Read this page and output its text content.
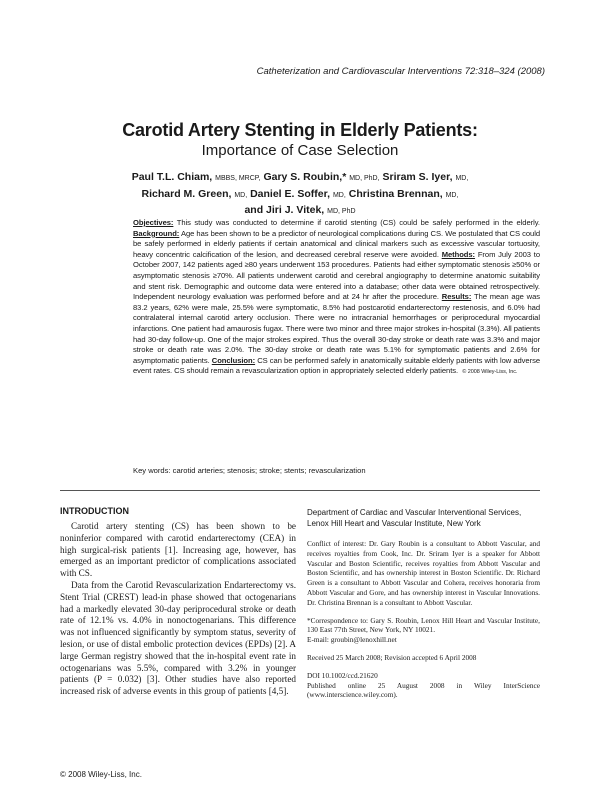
Catheterization and Cardiovascular Interventions 72:318–324 (2008)
Carotid Artery Stenting in Elderly Patients:
Importance of Case Selection
Paul T.L. Chiam, MBBS, MRCP, Gary S. Roubin,* MD, PhD, Sriram S. Iyer, MD,
Richard M. Green, MD, Daniel E. Soffer, MD, Christina Brennan, MD,
and Jiri J. Vitek, MD, PhD
Objectives: This study was conducted to determine if carotid stenting (CS) could be safely performed in the elderly. Background: Age has been shown to be a predictor of neurological complications during CS. We postulated that CS could be safely performed in elderly patients if certain anatomical and clinical markers such as excessive vascular tortuosity, heavy concentric calcification of the lesion, and decreased cerebral reserve were avoided. Methods: From July 2003 to October 2007, 142 patients aged ≥80 years underwent 153 procedures. Patients had either symptomatic stenosis ≥50% or asymptomatic stenosis ≥70%. All patients underwent carotid and cerebral angiography to determine anatomic suitability and stent risk. Demographic and outcome data were entered into a database; other data were obtained retrospectively. Independent neurology evaluation was performed before and at 24 hr after the procedure. Results: The mean age was 83.2 years, 62% were male, 25.5% were symptomatic, 8.5% had postcarotid endarterectomy restenosis, and 6.0% had contralateral internal carotid artery occlusion. There were no intracranial hemorrhages or periprocedural myocardial infarctions. One patient had amaurosis fugax. There were two minor and three major strokes in-hospital (3.3%). All patients had 30-day follow-up. One of the major strokes expired. Thus the overall 30-day stroke or death rate was 3.3% and major stroke or death rate was 2.0%. The 30-day stroke or death rate was 5.1% for symptomatic patients and 2.6% for asymptomatic patients. Conclusion: CS can be performed safely in anatomically suitable elderly patients with low adverse event rates. CS should remain a revascularization option in appropriately selected elderly patients. © 2008 Wiley-Liss, Inc.
Key words: carotid arteries; stenosis; stroke; stents; revascularization
INTRODUCTION

Carotid artery stenting (CS) has been shown to be noninferior compared with carotid endarterectomy (CEA) in high surgical-risk patients [1]. Increasing age, however, has emerged as an important predictor of complications associated with CS.

Data from the Carotid Revascularization Endarterectomy vs. Stent Trial (CREST) lead-in phase showed that octogenarians had a markedly elevated 30-day periprocedural stroke or death rate of 12.1% vs. 4.0% in nonoctogenarians. This difference was not influenced significantly by symptom status, severity of lesion, or use of distal embolic protection devices (EPDs) [2]. A large German registry showed that the in-hospital event rate in octogenarians was 5.5%, compared with 3.2% in younger patients (P = 0.032) [3]. Other studies have also reported increased risk of adverse events in this group of patients [4,5].

Department of Cardiac and Vascular Interventional Services, Lenox Hill Heart and Vascular Institute, New York

Conflict of interest: Dr. Gary Roubin is a consultant to Abbott Vascular, and receives royalties from Cook, Inc. Dr. Sriram Iyer is a speaker for Abbott Vascular and Boston Scientific, receives royalties from Abbott Vascular and Boston Scientific, and has ownership interest in Boston Scientific. Dr. Richard Green is a consultant to Abbott Vascular and Cohera, receives honoraria from Abbott Vascular and Gore, and has ownership interest in Vascular Innovations. Dr. Christina Brennan is a consultant to Abbott Vascular.

*Correspondence to: Gary S. Roubin, Lenox Hill Heart and Vascular Institute, 130 East 77th Street, New York, NY 10021.
E-mail: groubin@lenoxhill.net

Received 25 March 2008; Revision accepted 6 April 2008

DOI 10.1002/ccd.21620
Published online 25 August 2008 in Wiley InterScience (www.interscience.wiley.com).

© 2008 Wiley-Liss, Inc.
